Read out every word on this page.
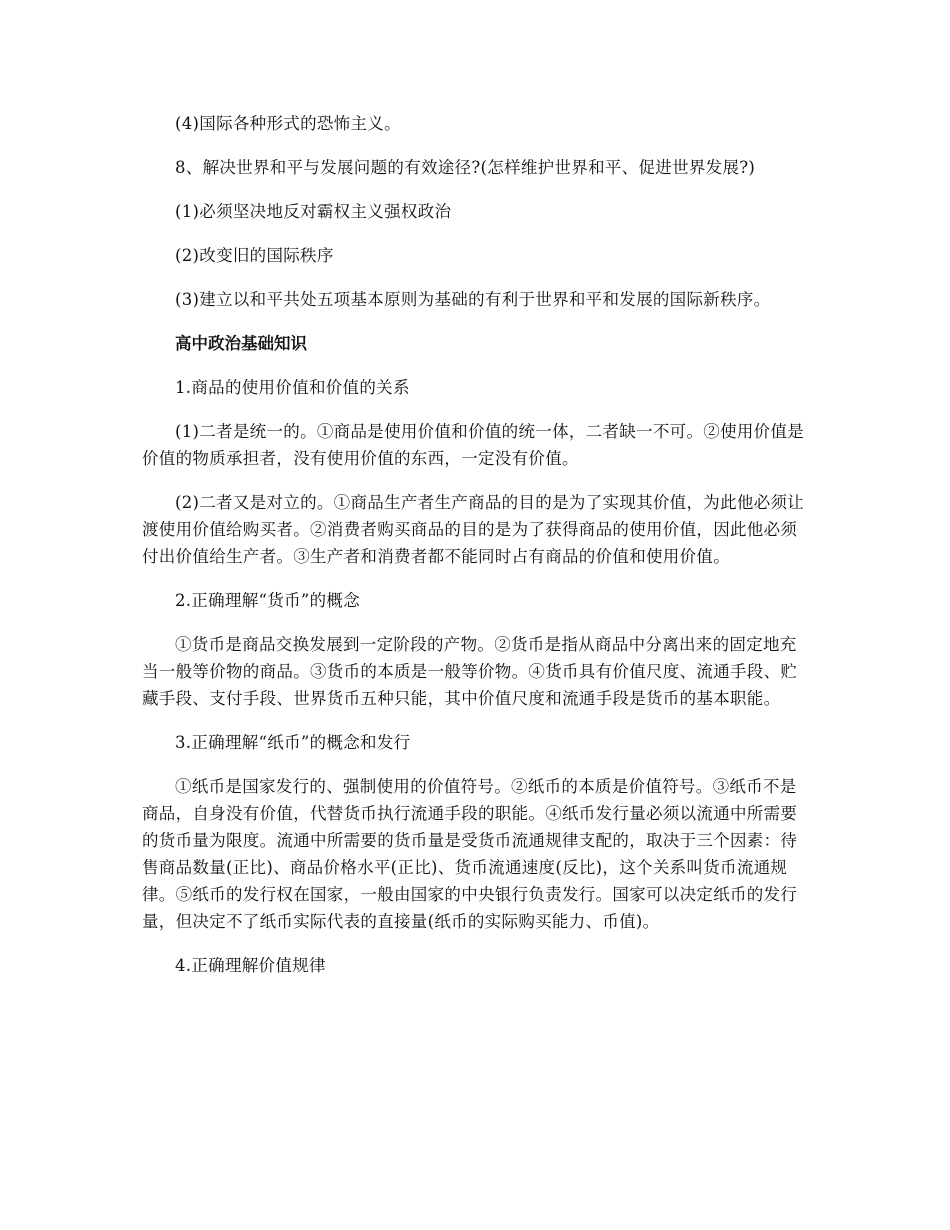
(4)国际各种形式的恐怖主义。

8、解决世界和平与发展问题的有效途径?(怎样维护世界和平、促进世界发展?)

(1)必须坚决地反对霸权主义强权政治

(2)改变旧的国际秩序

(3)建立以和平共处五项基本原则为基础的有利于世界和平和发展的国际新秩序。

高中政治基础知识

1.商品的使用价值和价值的关系

(1)二者是统一的。①商品是使用价值和价值的统一体，二者缺一不可。②使用价值是价值的物质承担者，没有使用价值的东西，一定没有价值。

(2)二者又是对立的。①商品生产者生产商品的目的是为了实现其价值，为此他必须让渡使用价值给购买者。②消费者购买商品的目的是为了获得商品的使用价值，因此他必须付出价值给生产者。③生产者和消费者都不能同时占有商品的价值和使用价值。

2.正确理解“货币”的概念

①货币是商品交换发展到一定阶段的产物。②货币是指从商品中分离出来的固定地充当一般等价物的商品。③货币的本质是一般等价物。④货币具有价值尺度、流通手段、贮藏手段、支付手段、世界货币五种只能，其中价值尺度和流通手段是货币的基本职能。

3.正确理解“纸币”的概念和发行

①纸币是国家发行的、强制使用的价值符号。②纸币的本质是价值符号。③纸币不是商品，自身没有价值，代替货币执行流通手段的职能。④纸币发行量必须以流通中所需要的货币量为限度。流通中所需要的货币量是受货币流通规律支配的，取决于三个因素：待售商品数量(正比)、商品价格水平(正比)、货币流通速度(反比)，这个关系叫货币流通规律。⑤纸币的发行权在国家，一般由国家的中央银行负责发行。国家可以决定纸币的发行量，但决定不了纸币实际代表的直接量(纸币的实际购买能力、币值)。

4.正确理解价值规律
